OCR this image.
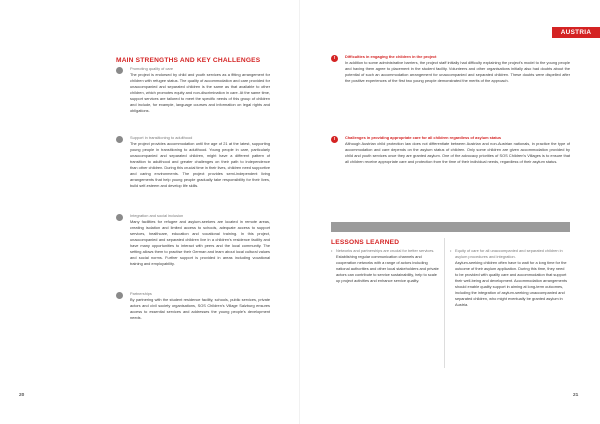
MAIN STRENGTHS AND KEY CHALLENGES
Promoting quality of care
The project is endorsed by child and youth services as a fitting arrangement for children with refugee status. The quality of accommodation and care provided for unaccompanied and separated children is the same as that available to other children, which promotes equity and non-discrimination in care. At the same time, support services are tailored to meet the specific needs of this group of children and include, for example, language courses and information on legal rights and obligations.
Support in transitioning to adulthood
The project provides accommodation until the age of 21 at the latest, supporting young people in transitioning to adulthood. Young people in care, particularly unaccompanied and separated children, might have a different pattern of transition to adulthood and greater challenges on their path to independence than other children. During this crucial time in their lives, children need supportive and caring environments. The project provides semi-independent living arrangements that help young people gradually take responsibility for their lives, build self-esteem and develop life skills.
Integration and social inclusion
Many facilities for refugee and asylum-seekers are located in remote areas, creating isolation and limited access to schools, adequate access to support services, healthcare, education and vocational training. In this project, unaccompanied and separated children live in a children's residence facility and have many opportunities to interact with peers and the local community. The setting allows them to practise their German and learn about local cultural values and social norms. Further support is provided in areas including vocational training and employability.
Partnerships
By partnering with the student residence facility, schools, public services, private actors and civil society organisations, SOS Children's Village Salzburg ensures access to essential services and addresses the young people's development needs.
20
AUSTRIA
!	Difficulties in engaging the children in the project
In addition to some administrative barriers, the project staff initially had difficulty explaining the project's model to the young people and having them agree to placement in the student facility. Volunteers and other organisations initially also had doubts about the potential of such an accommodation arrangement for unaccompanied and separated children. These doubts were dispelled after the positive experiences of the first two young people demonstrated the merits of the approach.
!	Challenges in providing appropriate care for all children regardless of asylum status
Although Austrian child protection law does not differentiate between Austrian and non-Austrian nationals, in practice the type of accommodation and care depends on the asylum status of children. Only some children are given accommodation provided by child and youth services once they are granted asylum. One of the advocacy priorities of SOS Children's Villages is to ensure that all children receive appropriate care and protection from the time of their individual needs, regardless of their asylum status.
21
LESSONS LEARNED
• Networks and partnerships are crucial for better services.
Establishing regular communication channels and cooperation networks with a range of actors including national authorities and other local stakeholders and private actors can contribute to service sustainability, help to scale up project activities and enhance service quality.
• Equity of care for all unaccompanied and separated children in asylum procedures and integration.
Asylum-seeking children often have to wait for a long time for the outcome of their asylum application. During this time, they need to be provided with quality care and accommodation that support their well-being and development. Accommodation arrangements should enable quality support in aiming at long-term outcomes, including the integration of asylum-seeking unaccompanied and separated children, who might eventually be granted asylum in Austria.
